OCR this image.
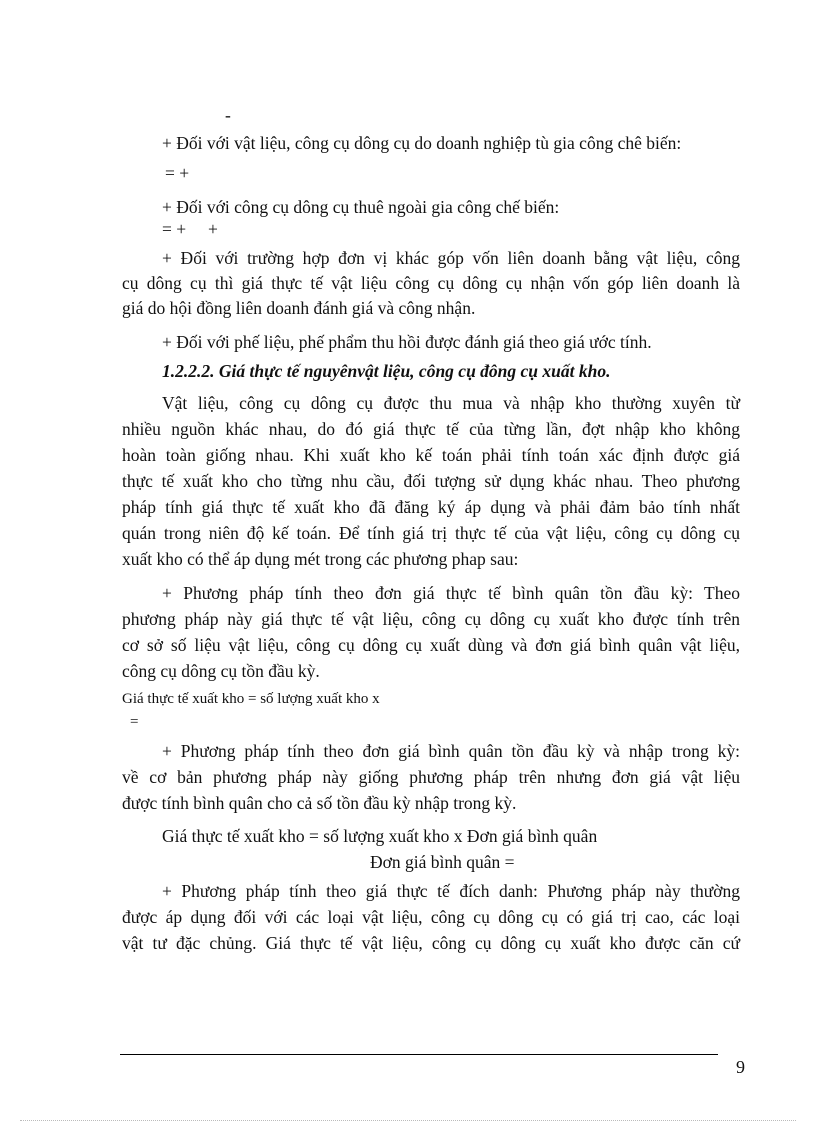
-
+ Đối với vật liệu, công cụ dông cụ do doanh nghiệp tù gia công chê biến:
= +
+ Đối với công cụ dông cụ thuê ngoài gia công chế biến:
= +     +
+ Đối với trường hợp đơn vị khác góp vốn liên doanh bằng vật liệu, công
cụ dông cụ thì giá thực tế vật liệu công cụ dông cụ nhận vốn góp liên doanh là
giá do hội đồng liên doanh đánh giá và công nhận.
+ Đối với phế liệu, phế phẩm thu hồi được đánh giá theo giá ước tính.
1.2.2.2. Giá thực tế nguyênvật liệu, công cụ đông cụ xuất kho.
Vật liệu, công cụ dông cụ được thu mua và nhập kho thường xuyên từ
nhiều nguồn khác nhau, do đó giá thực tế của từng lần, đợt nhập kho không
hoàn toàn giống nhau. Khi xuất kho kế toán phải tính toán xác định được giá
thực tế xuất kho cho từng nhu cầu, đối tượng sử dụng khác nhau. Theo phương
pháp tính giá thực tế xuất kho đã đăng ký áp dụng và phải đảm bảo tính nhất
quán trong niên độ kế toán. Để tính giá trị thực tế của vật liệu, công cụ dông cụ
xuất kho có thể áp dụng mét trong các phương phap sau:
+ Phương pháp tính theo đơn giá thực tế bình quân tồn đầu kỳ: Theo
phương pháp này giá thực tế vật liệu, công cụ dông cụ xuất kho được tính trên
cơ sở số liệu vật liệu, công cụ dông cụ xuất dùng và đơn giá bình quân vật liệu,
công cụ dông cụ tồn đầu kỳ.
Giá thực tế xuất kho = số lượng xuất kho x
=
+ Phương pháp tính theo đơn giá bình quân tồn đầu kỳ và nhập trong kỳ:
về cơ bản phương pháp này giống phương pháp trên nhưng đơn giá vật liệu
được tính bình quân cho cả số tồn đầu kỳ nhập trong kỳ.
Giá thực tế xuất kho = số lượng xuất kho x Đơn giá bình quân
Đơn giá bình quân =
+ Phương pháp tính theo giá thực tế đích danh: Phương pháp này thường
được áp dụng đối với các loại vật liệu, công cụ dông cụ có giá trị cao, các loại
vật tư đặc chủng. Giá thực tế vật liệu, công cụ dông cụ xuất kho được căn cứ
9
